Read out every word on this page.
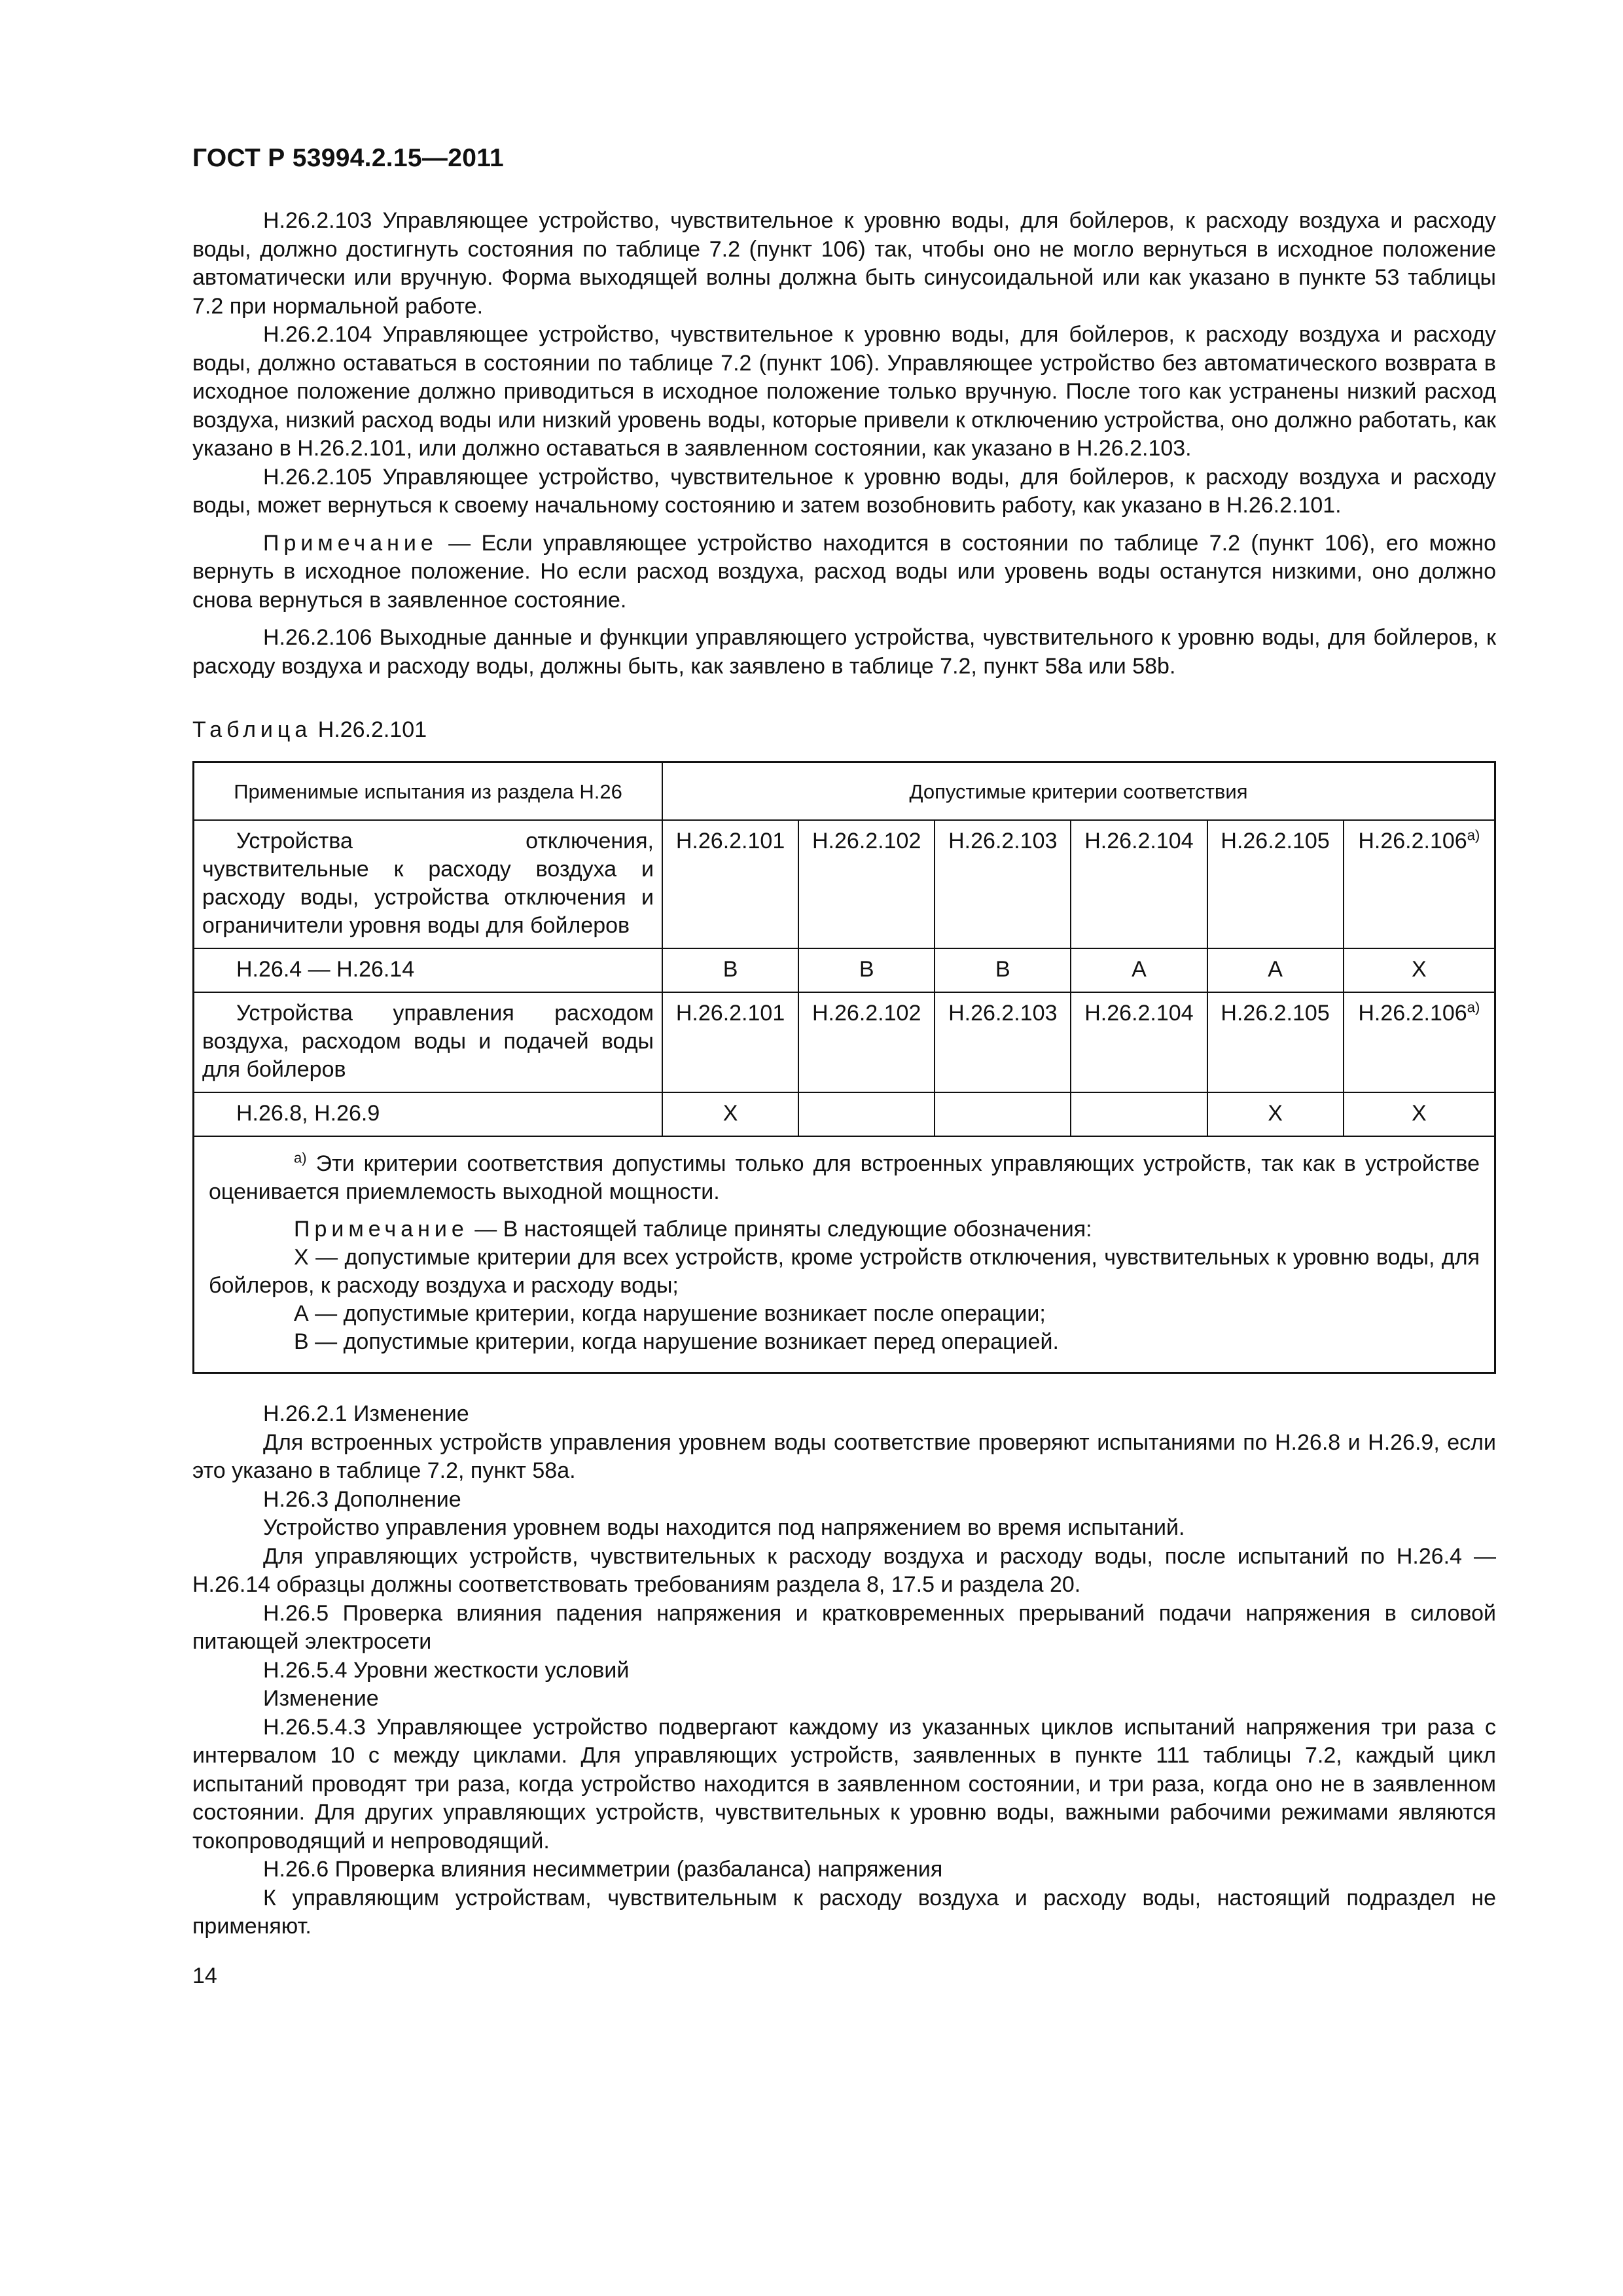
ГОСТ Р 53994.2.15—2011

Н.26.2.103 Управляющее устройство, чувствительное к уровню воды, для бойлеров, к расходу воздуха и расходу воды, должно достигнуть состояния по таблице 7.2 (пункт 106) так, чтобы оно не могло вернуться в исходное положение автоматически или вручную. Форма выходящей волны должна быть синусоидальной или как указано в пункте 53 таблицы 7.2 при нормальной работе.

Н.26.2.104 Управляющее устройство, чувствительное к уровню воды, для бойлеров, к расходу воздуха и расходу воды, должно оставаться в состоянии по таблице 7.2 (пункт 106). Управляющее устройство без автоматического возврата в исходное положение должно приводиться в исходное положение только вручную. После того как устранены низкий расход воздуха, низкий расход воды или низкий уровень воды, которые привели к отключению устройства, оно должно работать, как указано в Н.26.2.101, или должно оставаться в заявленном состоянии, как указано в Н.26.2.103.

Н.26.2.105 Управляющее устройство, чувствительное к уровню воды, для бойлеров, к расходу воздуха и расходу воды, может вернуться к своему начальному состоянию и затем возобновить работу, как указано в Н.26.2.101.

Примечание — Если управляющее устройство находится в состоянии по таблице 7.2 (пункт 106), его можно вернуть в исходное положение. Но если расход воздуха, расход воды или уровень воды останутся низкими, оно должно снова вернуться в заявленное состояние.

Н.26.2.106 Выходные данные и функции управляющего устройства, чувствительного к уровню воды, для бойлеров, к расходу воздуха и расходу воды, должны быть, как заявлено в таблице 7.2, пункт 58а или 58b.

Таблица Н.26.2.101
Применимые испытания из раздела Н.26	Допустимые критерии соответствия					
Устройства отключения, чувствительные к расходу воздуха и расходу воды, устройства отключения и ограничители уровня воды для бойлеров	Н.26.2.101	Н.26.2.102	Н.26.2.103	Н.26.2.104	Н.26.2.105	$Н.26.2.106^{а)}$
Н.26.4 — Н.26.14	В	В	В	А	А	Х
Устройства управления расходом воздуха, расходом воды и подачей воды для бойлеров	Н.26.2.101	Н.26.2.102	Н.26.2.103	Н.26.2.104	Н.26.2.105	$Н.26.2.106^{а)}$
Н.26.8, Н.26.9	Х				Х	Х

$^{а)}$ Эти критерии соответствия допустимы только для встроенных управляющих устройств, так как в устройстве оценивается приемлемость выходной мощности.

Примечание — В настоящей таблице приняты следующие обозначения:

Х — допустимые критерии для всех устройств, кроме устройств отключения, чувствительных к уровню воды, для бойлеров, к расходу воздуха и расходу воды;

А — допустимые критерии, когда нарушение возникает после операции;

В — допустимые критерии, когда нарушение возникает перед операцией.						

Н.26.2.1 Изменение

Для встроенных устройств управления уровнем воды соответствие проверяют испытаниями по Н.26.8 и Н.26.9, если это указано в таблице 7.2, пункт 58а.

Н.26.3 Дополнение

Устройство управления уровнем воды находится под напряжением во время испытаний.

Для управляющих устройств, чувствительных к расходу воздуха и расходу воды, после испытаний по Н.26.4 — Н.26.14 образцы должны соответствовать требованиям раздела 8, 17.5 и раздела 20.

Н.26.5 Проверка влияния падения напряжения и кратковременных прерываний подачи напряжения в силовой питающей электросети

Н.26.5.4 Уровни жесткости условий

Изменение

Н.26.5.4.3 Управляющее устройство подвергают каждому из указанных циклов испытаний напряжения три раза с интервалом 10 с между циклами. Для управляющих устройств, заявленных в пункте 111 таблицы 7.2, каждый цикл испытаний проводят три раза, когда устройство находится в заявленном состоянии, и три раза, когда оно не в заявленном состоянии. Для других управляющих устройств, чувствительных к уровню воды, важными рабочими режимами являются токопроводящий и непроводящий.

Н.26.6 Проверка влияния несимметрии (разбаланса) напряжения

К управляющим устройствам, чувствительным к расходу воздуха и расходу воды, настоящий подраздел не применяют.

14
